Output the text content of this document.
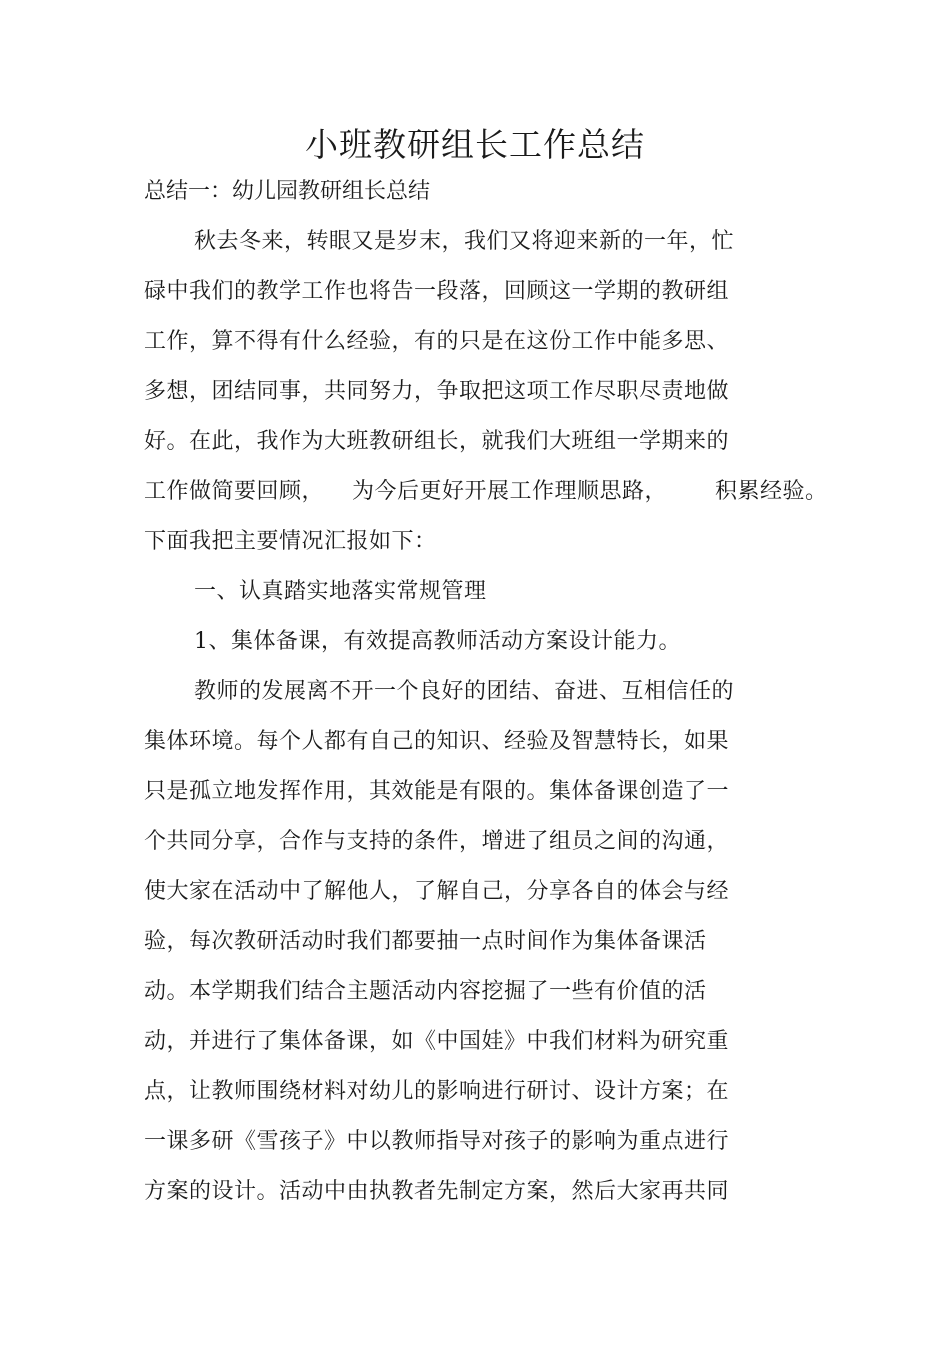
小班教研组长工作总结
总结一：幼儿园教研组长总结
秋去冬来，转眼又是岁末，我们又将迎来新的一年，忙
碌中我们的教学工作也将告一段落，回顾这一学期的教研组
工作，算不得有什么经验，有的只是在这份工作中能多思、
多想，团结同事，共同努力，争取把这项工作尽职尽责地做
好。在此，我作为大班教研组长，就我们大班组一学期来的
工作做简要回顾， 为今后更好开展工作理顺思路， 积累经验。
下面我把主要情况汇报如下：
一、认真踏实地落实常规管理
1、集体备课，有效提高教师活动方案设计能力。
教师的发展离不开一个良好的团结、奋进、互相信任的
集体环境。每个人都有自己的知识、经验及智慧特长，如果
只是孤立地发挥作用，其效能是有限的。集体备课创造了一
个共同分享，合作与支持的条件，增进了组员之间的沟通，
使大家在活动中了解他人，了解自己，分享各自的体会与经
验，每次教研活动时我们都要抽一点时间作为集体备课活
动。本学期我们结合主题活动内容挖掘了一些有价值的活
动，并进行了集体备课，如《中国娃》中我们材料为研究重
点，让教师围绕材料对幼儿的影响进行研讨、设计方案；在
一课多研《雪孩子》中以教师指导对孩子的影响为重点进行
方案的设计。活动中由执教者先制定方案，然后大家再共同
